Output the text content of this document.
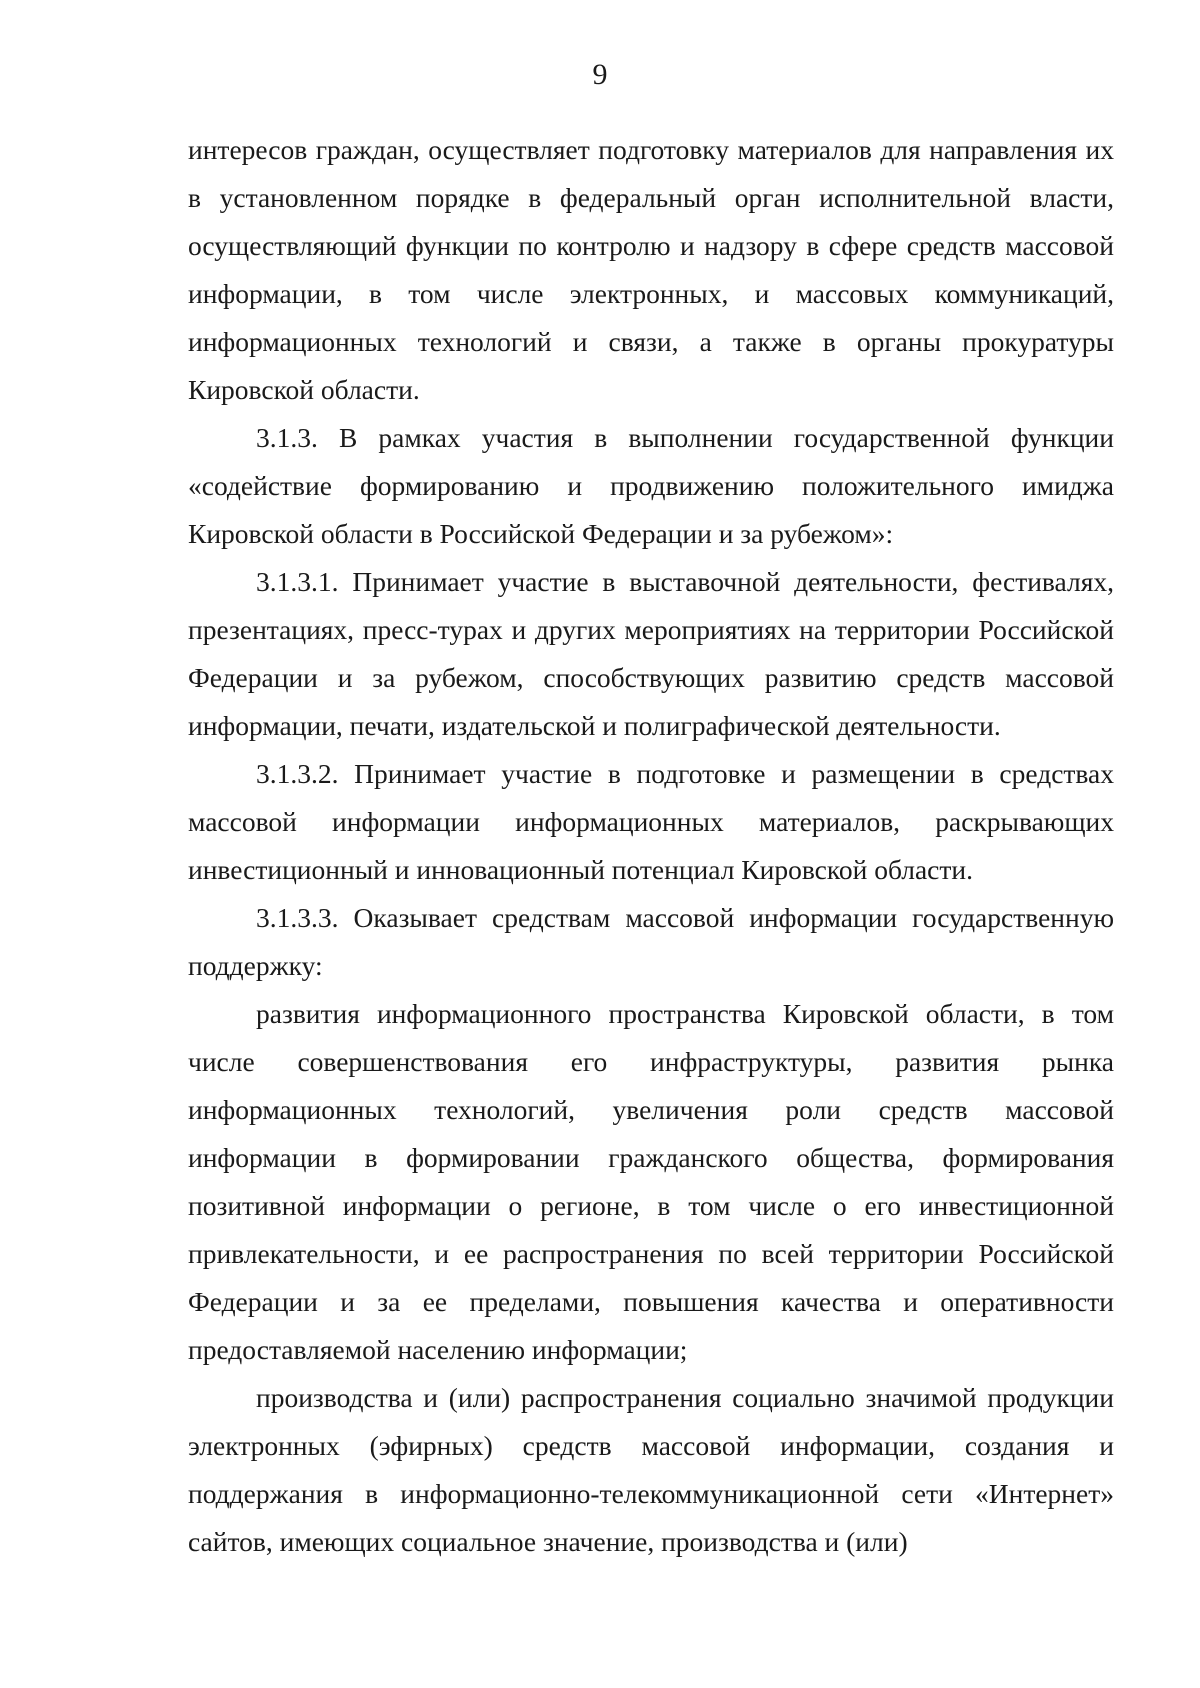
9

интересов граждан, осуществляет подготовку материалов для направления их в установленном порядке в федеральный орган исполнительной власти, осуществляющий функции по контролю и надзору в сфере средств массовой информации, в том числе электронных, и массовых коммуникаций, информационных технологий и связи, а также в органы прокуратуры Кировской области.

3.1.3. В рамках участия в выполнении государственной функции «содействие формированию и продвижению положительного имиджа Кировской области в Российской Федерации и за рубежом»:

3.1.3.1. Принимает участие в выставочной деятельности, фестивалях, презентациях, пресс-турах и других мероприятиях на территории Российской Федерации и за рубежом, способствующих развитию средств массовой информации, печати, издательской и полиграфической деятельности.

3.1.3.2. Принимает участие в подготовке и размещении в средствах массовой информации информационных материалов, раскрывающих инвестиционный и инновационный потенциал Кировской области.

3.1.3.3. Оказывает средствам массовой информации государственную поддержку:

развития информационного пространства Кировской области, в том числе совершенствования его инфраструктуры, развития рынка информационных технологий, увеличения роли средств массовой информации в формировании гражданского общества, формирования позитивной информации о регионе, в том числе о его инвестиционной привлекательности, и ее распространения по всей территории Российской Федерации и за ее пределами, повышения качества и оперативности предоставляемой населению информации;

производства и (или) распространения социально значимой продукции электронных (эфирных) средств массовой информации, создания и поддержания в информационно-телекоммуникационной сети «Интернет» сайтов, имеющих социальное значение, производства и (или)
